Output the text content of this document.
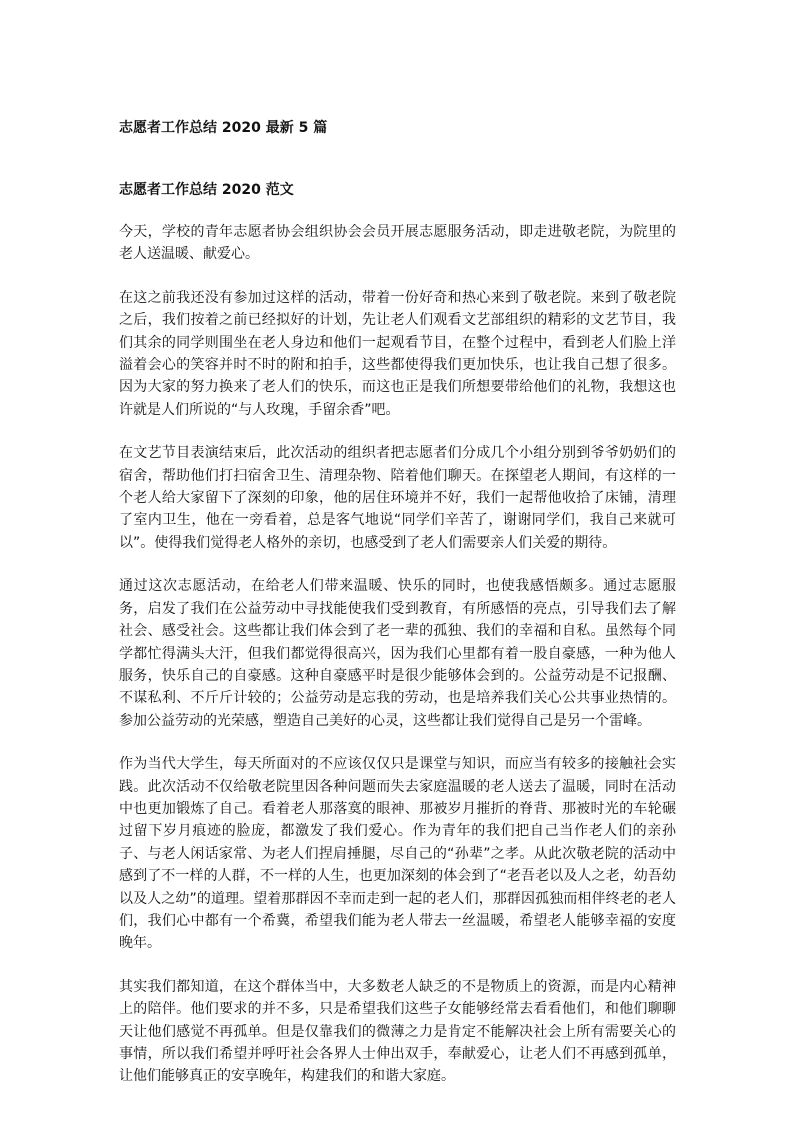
志愿者工作总结 2020 最新 5 篇
志愿者工作总结 2020 范文

今天，学校的青年志愿者协会组织协会会员开展志愿服务活动，即走进敬老院，为院里的老人送温暖、献爱心。

在这之前我还没有参加过这样的活动，带着一份好奇和热心来到了敬老院。来到了敬老院之后，我们按着之前已经拟好的计划，先让老人们观看文艺部组织的精彩的文艺节目，我们其余的同学则围坐在老人身边和他们一起观看节目，在整个过程中，看到老人们脸上洋溢着会心的笑容并时不时的附和拍手，这些都使得我们更加快乐，也让我自己想了很多。因为大家的努力换来了老人们的快乐，而这也正是我们所想要带给他们的礼物，我想这也许就是人们所说的“与人玫瑰，手留余香”吧。

在文艺节目表演结束后，此次活动的组织者把志愿者们分成几个小组分别到爷爷奶奶们的宿舍，帮助他们打扫宿舍卫生、清理杂物、陪着他们聊天。在探望老人期间，有这样的一个老人给大家留下了深刻的印象，他的居住环境并不好，我们一起帮他收拾了床铺，清理了室内卫生，他在一旁看着，总是客气地说“同学们辛苦了，谢谢同学们，我自己来就可以”。使得我们觉得老人格外的亲切，也感受到了老人们需要亲人们关爱的期待。

通过这次志愿活动，在给老人们带来温暖、快乐的同时，也使我感悟颇多。通过志愿服务，启发了我们在公益劳动中寻找能使我们受到教育，有所感悟的亮点，引导我们去了解社会、感受社会。这些都让我们体会到了老一辈的孤独、我们的幸福和自私。虽然每个同学都忙得满头大汗，但我们都觉得很高兴，因为我们心里都有着一股自豪感，一种为他人服务，快乐自己的自豪感。这种自豪感平时是很少能够体会到的。公益劳动是不记报酬、不谋私利、不斤斤计较的；公益劳动是忘我的劳动，也是培养我们关心公共事业热情的。参加公益劳动的光荣感，塑造自己美好的心灵，这些都让我们觉得自己是另一个雷峰。

作为当代大学生，每天所面对的不应该仅仅只是课堂与知识，而应当有较多的接触社会实践。此次活动不仅给敬老院里因各种问题而失去家庭温暖的老人送去了温暖，同时在活动中也更加锻炼了自己。看着老人那落寞的眼神、那被岁月摧折的脊背、那被时光的车轮碾过留下岁月痕迹的脸庞，都激发了我们爱心。作为青年的我们把自己当作老人们的亲孙子、与老人闲话家常、为老人们捏肩捶腿，尽自己的“孙辈”之孝。从此次敬老院的活动中感到了不一样的人群，不一样的人生，也更加深刻的体会到了“老吾老以及人之老，幼吾幼以及人之幼”的道理。望着那群因不幸而走到一起的老人们，那群因孤独而相伴终老的老人们，我们心中都有一个希冀，希望我们能为老人带去一丝温暖，希望老人能够幸福的安度晚年。

其实我们都知道，在这个群体当中，大多数老人缺乏的不是物质上的资源，而是内心精神上的陪伴。他们要求的并不多，只是希望我们这些子女能够经常去看看他们，和他们聊聊天让他们感觉不再孤单。但是仅靠我们的微薄之力是肯定不能解决社会上所有需要关心的事情，所以我们希望并呼吁社会各界人士伸出双手，奉献爱心，让老人们不再感到孤单，让他们能够真正的安享晚年，构建我们的和谐大家庭。
